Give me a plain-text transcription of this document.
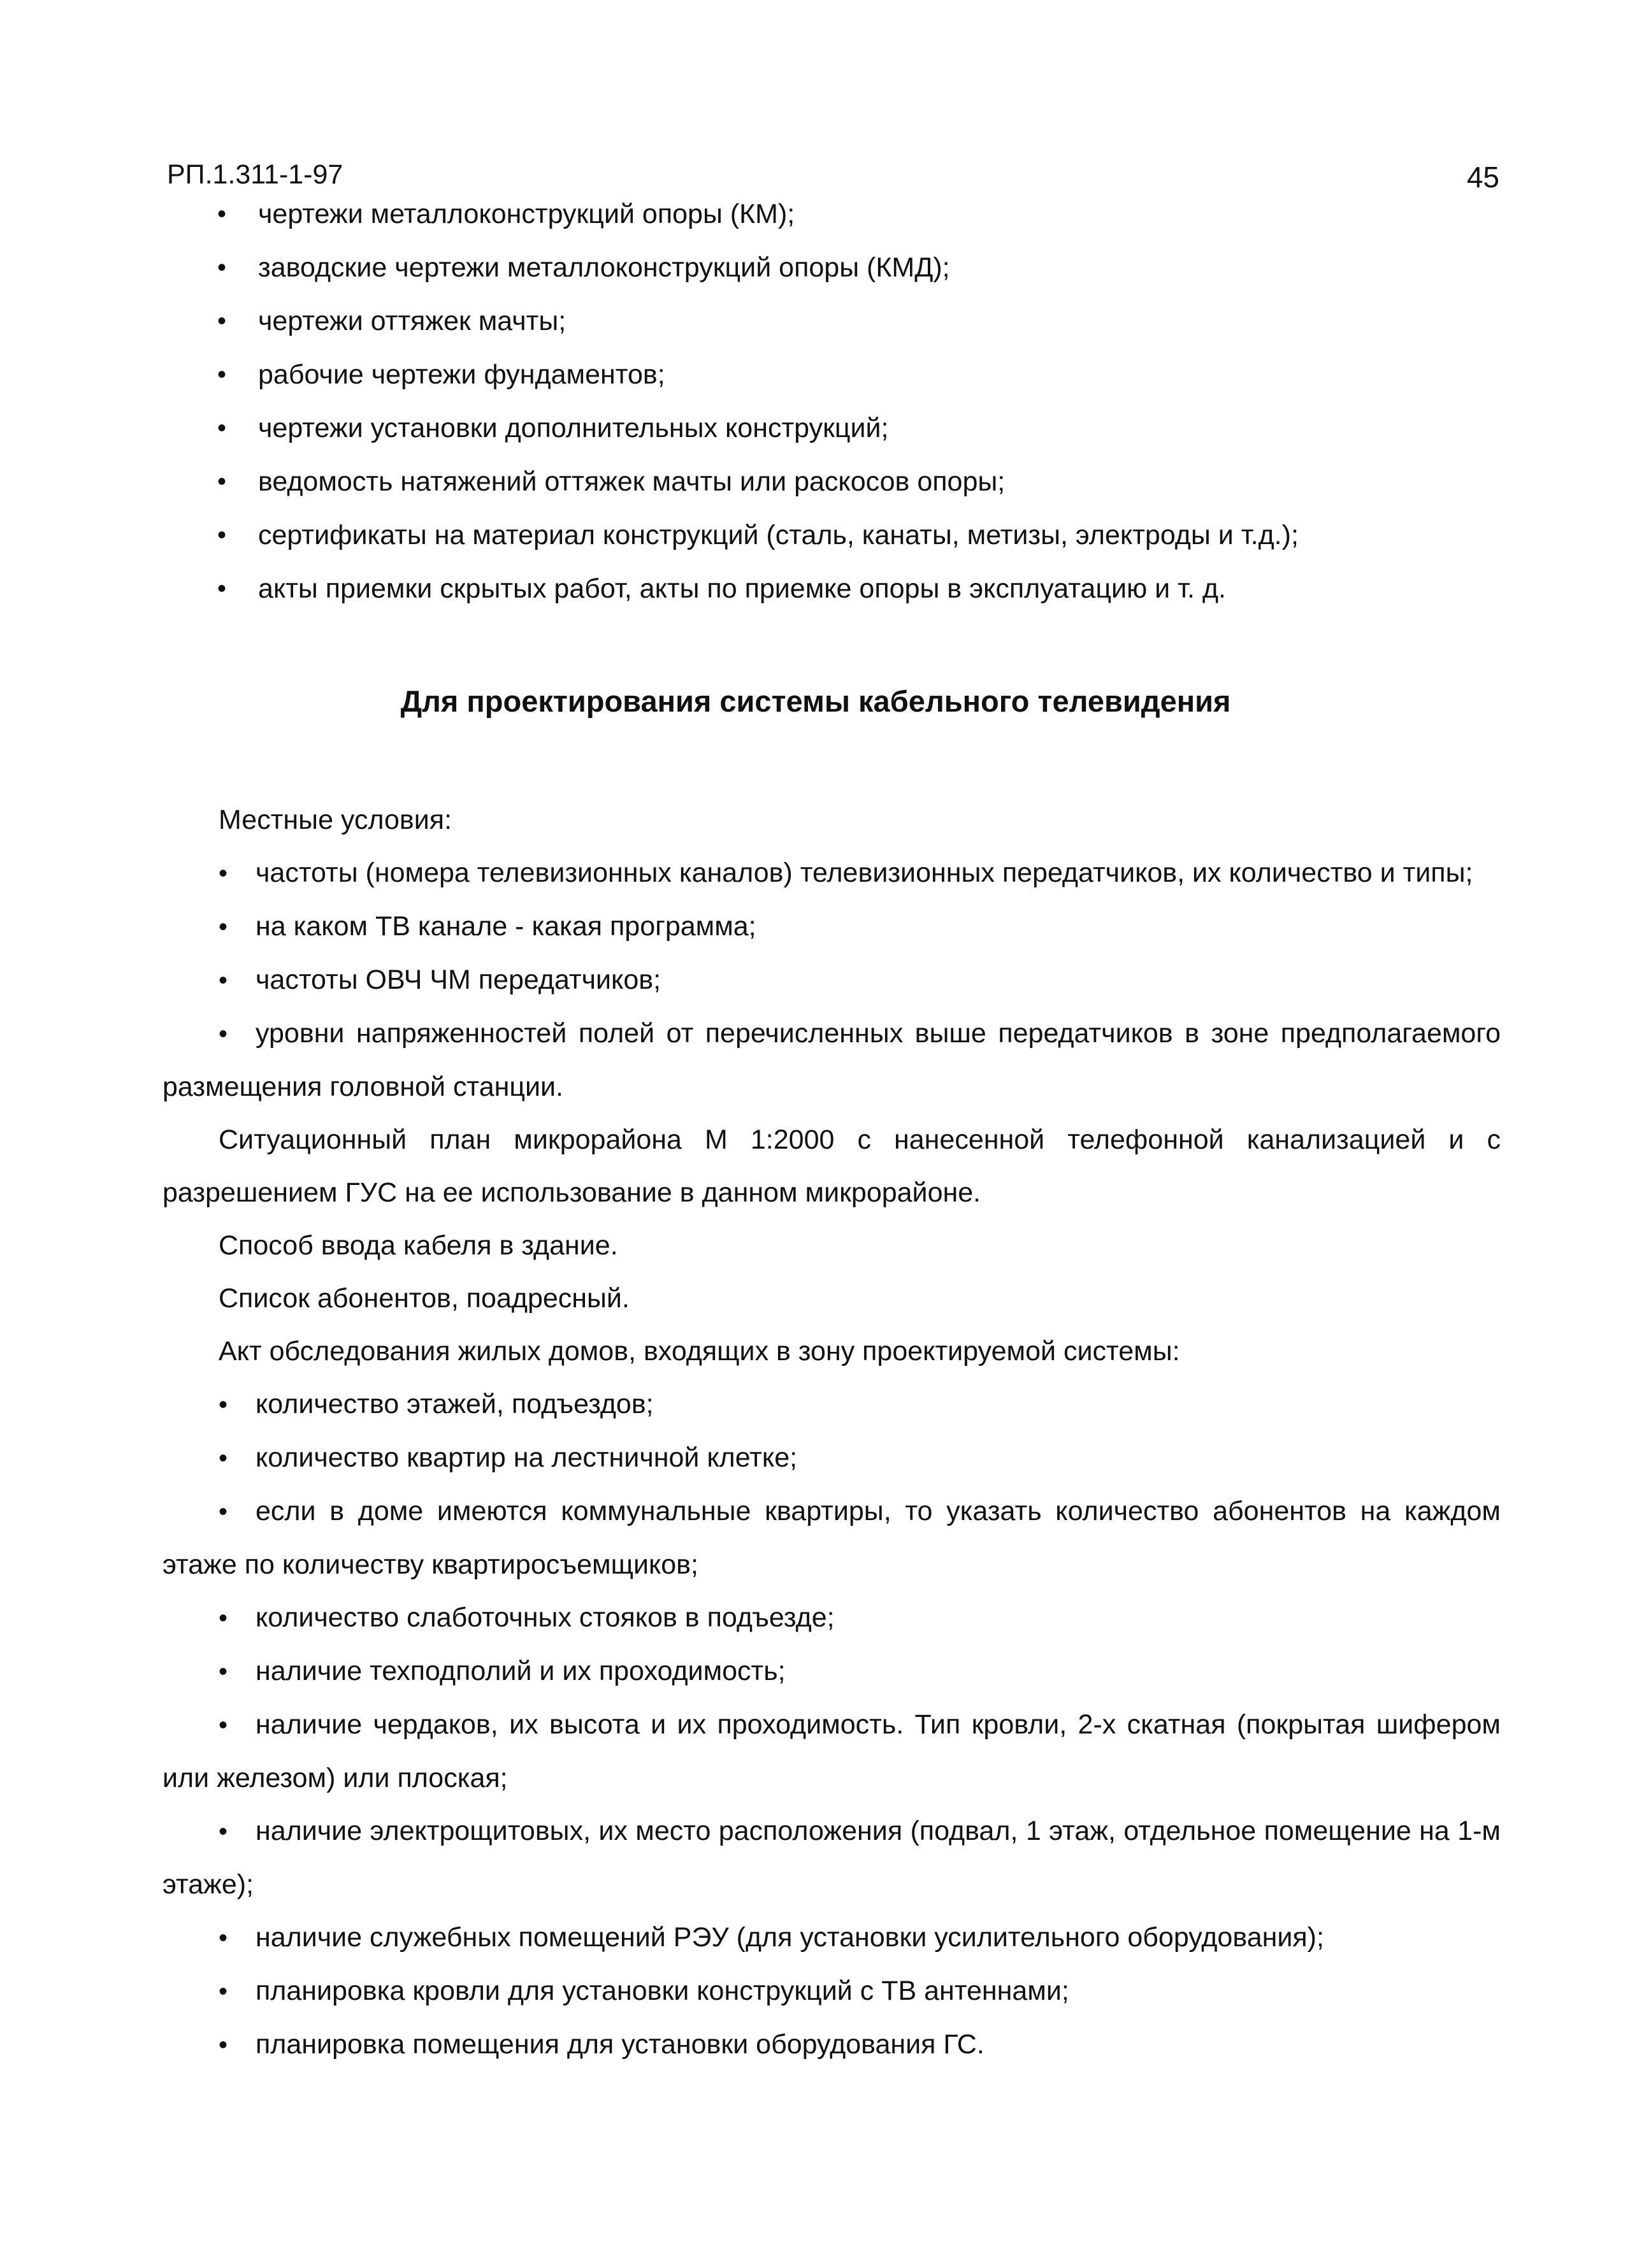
РП.1.311-1-97	45
• чертежи металлоконструкций опоры (КМ);
• заводские чертежи металлоконструкций опоры (КМД);
• чертежи оттяжек мачты;
• рабочие чертежи фундаментов;
• чертежи установки дополнительных конструкций;
• ведомость натяжений оттяжек мачты или раскосов опоры;
• сертификаты на материал конструкций (сталь, канаты, метизы, электроды и т.д.);
• акты приемки скрытых работ, акты по приемке опоры в эксплуатацию и т. д.
Для проектирования системы кабельного телевидения

Местные условия:

• частоты (номера телевизионных каналов) телевизионных передатчиков, их количество и типы;

• на каком ТВ канале - какая программа;

• частоты ОВЧ ЧМ передатчиков;

• уровни напряженностей полей от перечисленных выше передатчиков в зоне предполагаемого размещения головной станции.

Ситуационный план микрорайона М 1:2000 с нанесенной телефонной канализацией и с разрешением ГУС на ее использование в данном микрорайоне.

Способ ввода кабеля в здание.

Список абонентов, поадресный.

Акт обследования жилых домов, входящих в зону проектируемой системы:

• количество этажей, подъездов;

• количество квартир на лестничной клетке;

• если в доме имеются коммунальные квартиры, то указать количество абонентов на каждом этаже по количеству квартиросъемщиков;

• количество слаботочных стояков в подъезде;

• наличие техподполий и их проходимость;

• наличие чердаков, их высота и их проходимость. Тип кровли, 2-х скатная (покрытая шифером или железом) или плоская;

• наличие электрощитовых, их место расположения (подвал, 1 этаж, отдельное помещение на 1-м этаже);

• наличие служебных помещений РЭУ (для установки усилительного оборудования);

• планировка кровли для установки конструкций с ТВ антеннами;

• планировка помещения для установки оборудования ГС.
